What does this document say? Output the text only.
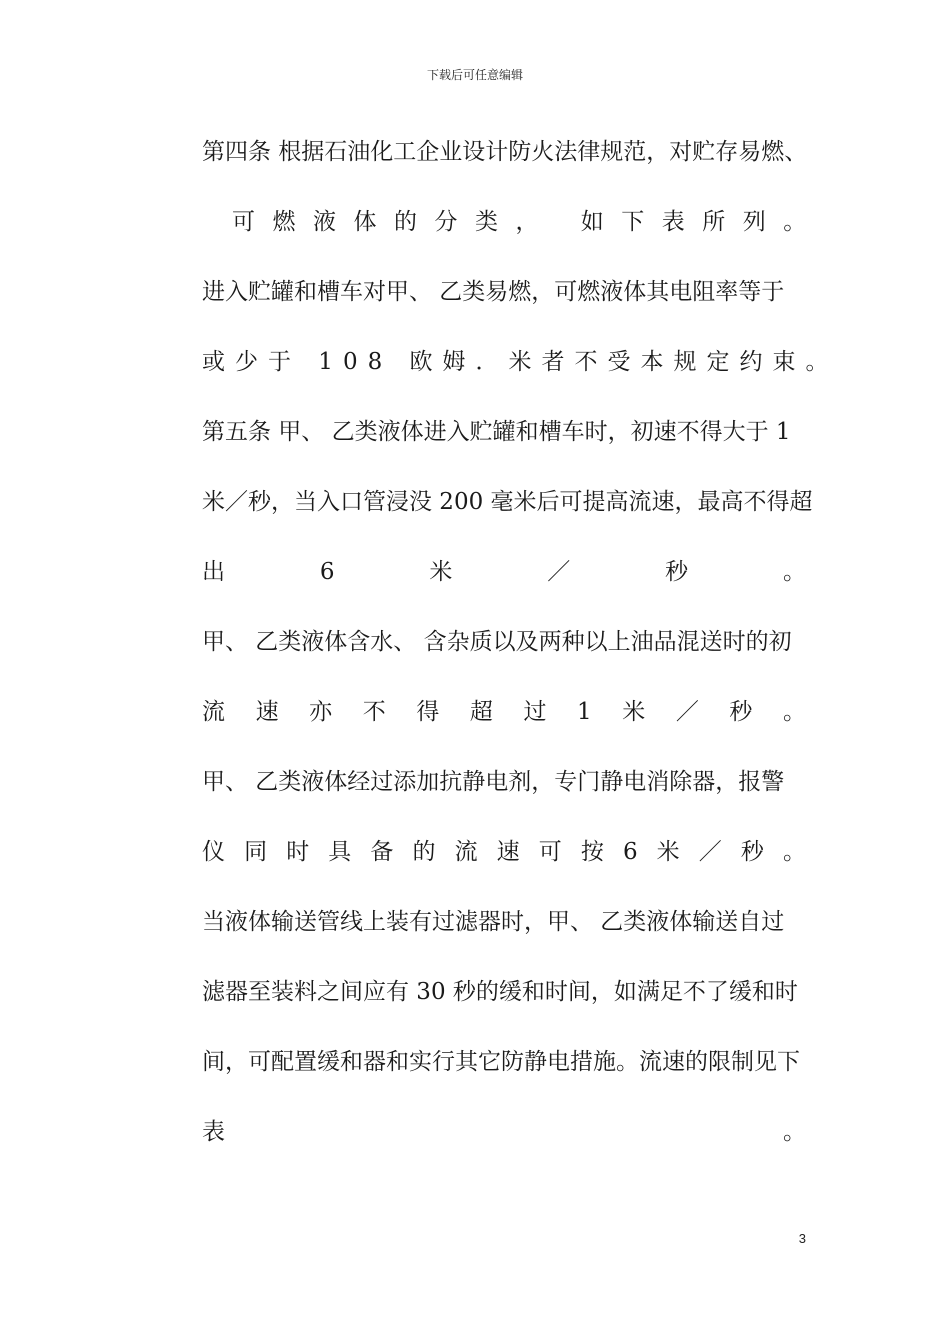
下载后可任意编辑
第四条 根据石油化工企业设计防火法律规范，对贮存易燃、
可燃液体的分类， 如下表所列。
进入贮罐和槽车对甲、 乙类易燃，可燃液体其电阻率等于
或少于 108 欧姆．米者不受本规定约束。
第五条 甲、 乙类液体进入贮罐和槽车时，初速不得大于 1
米／秒，当入口管浸没 200 毫米后可提高流速，最高不得超
出	6	米	／	秒	。
甲、 乙类液体含水、 含杂质以及两种以上油品混送时的初
流 速 亦 不 得 超 过 1 米 ／ 秒 。
甲、 乙类液体经过添加抗静电剂，专门静电消除器，报警
仪 同 时 具 备 的 流 速 可 按 6 米 ／ 秒 。
当液体输送管线上装有过滤器时，甲、 乙类液体输送自过
滤器至装料之间应有 30 秒的缓和时间，如满足不了缓和时
间，可配置缓和器和实行其它防静电措施。流速的限制见下
表	。
3
